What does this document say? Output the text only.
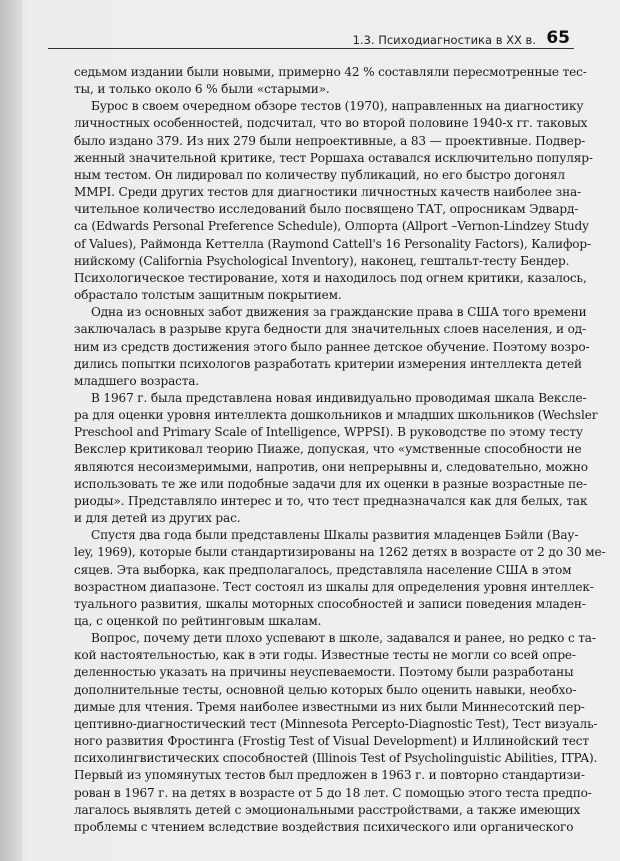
1.3. Психодиагностика в XX в. 65

седьмом издании были новыми, примерно 42 % составляли пересмотренные тес-
ты, и только около 6 % были «старыми».

Бурос в своем очередном обзоре тестов (1970), направленных на диагностику
личностных особенностей, подсчитал, что во второй половине 1940-х гг. таковых
было издано 379. Из них 279 были непроективные, а 83 — проективные. Подвер-
женный значительной критике, тест Роршаха оставался исключительно популяр-
ным тестом. Он лидировал по количеству публикаций, но его быстро догонял
MMPI. Среди других тестов для диагностики личностных качеств наиболее зна-
чительное количество исследований было посвящено ТАТ, опросникам Эдвард-
са (Edwards Personal Preference Schedule), Олпорта (Allport –Vernon-Lindzey Study
of Values), Раймонда Кеттелла (Raymond Cattell's 16 Personality Factors), Калифор-
нийскому (California Psychological Inventory), наконец, гештальт-тесту Бендер.
Психологическое тестирование, хотя и находилось под огнем критики, казалось,
обрастало толстым защитным покрытием.

Одна из основных забот движения за гражданские права в США того времени
заключалась в разрыве круга бедности для значительных слоев населения, и од-
ним из средств достижения этого было раннее детское обучение. Поэтому возро-
дились попытки психологов разработать критерии измерения интеллекта детей
младшего возраста.

В 1967 г. была представлена новая индивидуально проводимая шкала Вексле-
ра для оценки уровня интеллекта дошкольников и младших школьников (Wechsler
Preschool and Primary Scale of Intelligence, WPPSI). В руководстве по этому тесту
Векслер критиковал теорию Пиаже, допуская, что «умственные способности не
являются несоизмеримыми, напротив, они непрерывны и, следовательно, можно
использовать те же или подобные задачи для их оценки в разные возрастные пе-
риоды». Представляло интерес и то, что тест предназначался как для белых, так
и для детей из других рас.

Спустя два года были представлены Шкалы развития младенцев Бэйли (Вау-
ley, 1969), которые были стандартизированы на 1262 детях в возрасте от 2 до 30 ме-
сяцев. Эта выборка, как предполагалось, представляла население США в этом
возрастном диапазоне. Тест состоял из шкалы для определения уровня интеллек-
туального развития, шкалы моторных способностей и записи поведения младен-
ца, с оценкой по рейтинговым шкалам.

Вопрос, почему дети плохо успевают в школе, задавался и ранее, но редко с та-
кой настоятельностью, как в эти годы. Известные тесты не могли со всей опре-
деленностью указать на причины неуспеваемости. Поэтому были разработаны
дополнительные тесты, основной целью которых было оценить навыки, необхо-
димые для чтения. Тремя наиболее известными из них были Миннесотский пер-
цептивно-диагностический тест (Minnesota Percepto-Diagnostic Test), Тест визуаль-
ного развития Фростинга (Frostig Test of Visual Development) и Иллинойский тест
психолингвистических способностей (Illinois Test of Psycholinguistic Abilities, ITPA).
Первый из упомянутых тестов был предложен в 1963 г. и повторно стандартизи-
рован в 1967 г. на детях в возрасте от 5 до 18 лет. С помощью этого теста предпо-
лагалось выявлять детей с эмоциональными расстройствами, а также имеющих
проблемы с чтением вследствие воздействия психического или органического
